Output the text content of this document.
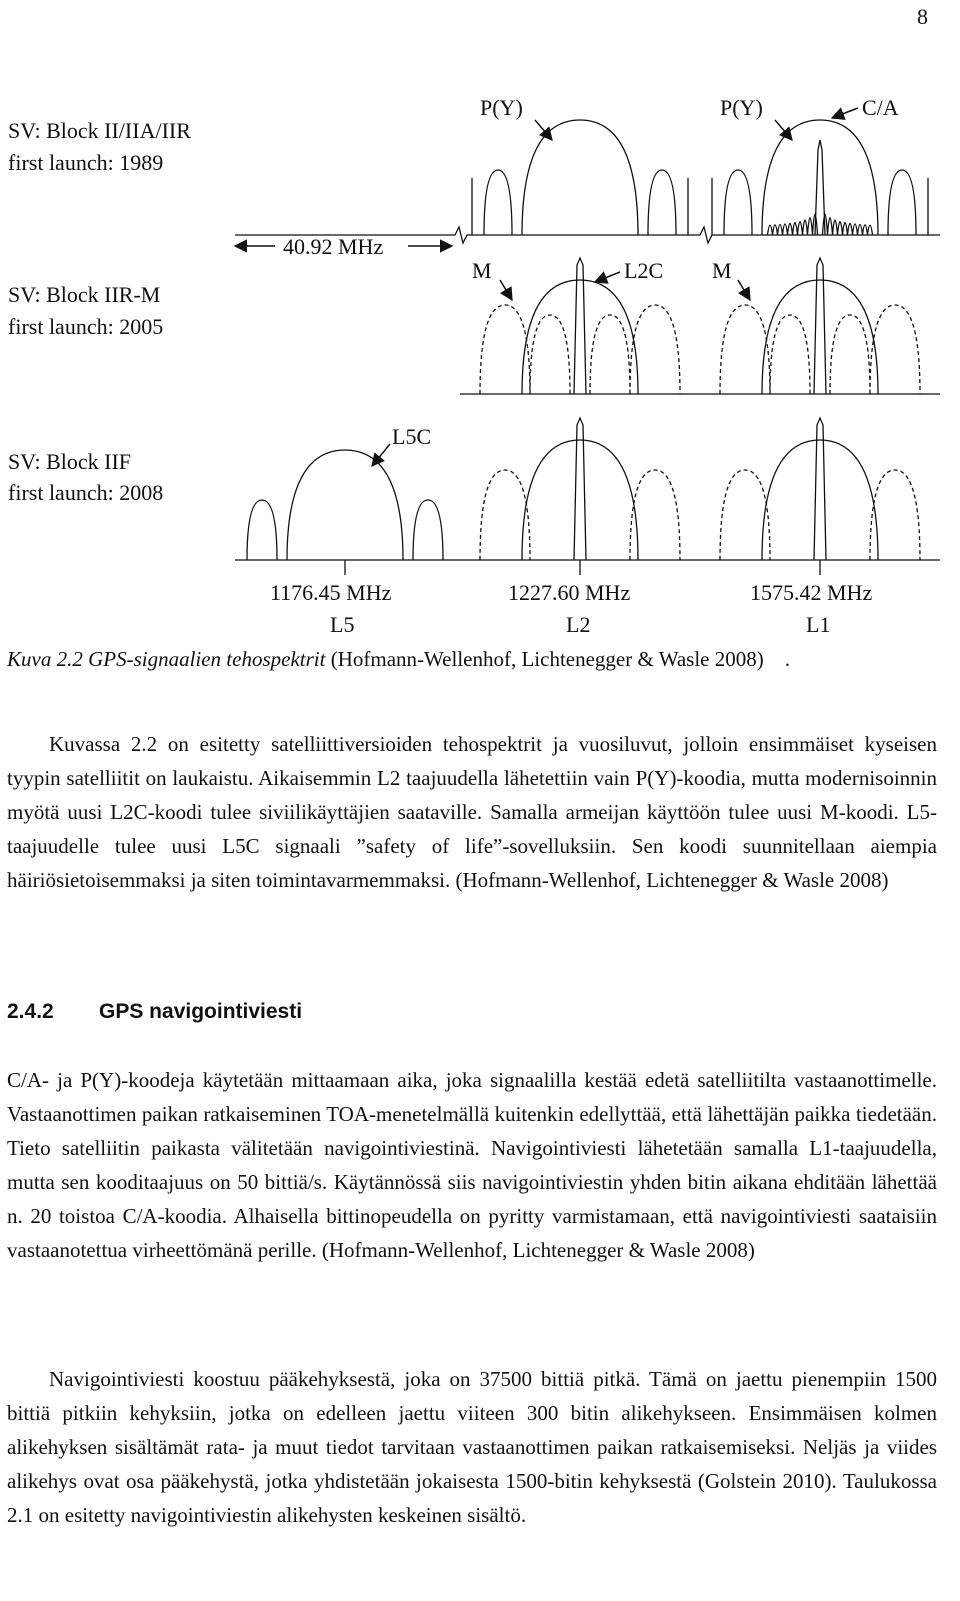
8
SV: Block II/IIA/IIR
first launch: 1989
SV: Block IIR-M
first launch: 2005
SV: Block IIF
first launch: 2008
40.92 MHz
P(Y)	P(Y)	C/A
M	L2C M
L5C
1176.45 MHz
L5
1227.60 MHz
L2
1575.42 MHz
L1
Kuva 2.2 GPS-signaalien tehospektrit (Hofmann-Wellenhof, Lichtenegger & Wasle 2008) .

  Kuvassa 2.2 on esitetty satelliittiversioiden tehospektrit ja vuosiluvut, jolloin ensimmäiset kyseisen tyypin satelliitit on laukaistu. Aikaisemmin L2 taajuudella lähetettiin vain P(Y)-koodia, mutta modernisoinnin myötä uusi L2C-koodi tulee siviilikäyttäjien saataville. Samalla armeijan käyttöön tulee uusi M-koodi. L5-taajuudelle tulee uusi L5C signaali ”safety of life”-sovelluksiin. Sen koodi suunnitellaan aiempia häiriösietoisemmaksi ja siten toimintavarmemmaksi. (Hofmann-Wellenhof, Lichtenegger & Wasle 2008)

2.4.2 GPS navigointiviesti

C/A- ja P(Y)-koodeja käytetään mittaamaan aika, joka signaalilla kestää edetä satelliitilta vastaanottimelle. Vastaanottimen paikan ratkaiseminen TOA-menetelmällä kuitenkin edellyttää, että lähettäjän paikka tiedetään. Tieto satelliitin paikasta välitetään navigointiviestinä. Navigointiviesti lähetetään samalla L1-taajuudella, mutta sen kooditaajuus on 50 bittiä/s. Käytännössä siis navigointiviestin yhden bitin aikana ehditään lähettää n. 20 toistoa C/A-koodia. Alhaisella bittinopeudella on pyritty varmistamaan, että navigointiviesti saataisiin vastaanotettua virheettömänä perille. (Hofmann-Wellenhof, Lichtenegger & Wasle 2008)

  Navigointiviesti koostuu pääkehyksestä, joka on 37500 bittiä pitkä. Tämä on jaettu pienempiin 1500 bittiä pitkiin kehyksiin, jotka on edelleen jaettu viiteen 300 bitin alikehykseen. Ensimmäisen kolmen alikehyksen sisältämät rata- ja muut tiedot tarvitaan vastaanottimen paikan ratkaisemiseksi. Neljäs ja viides alikehys ovat osa pääkehystä, jotka yhdistetään jokaisesta 1500-bitin kehyksestä (Golstein 2010). Taulukossa 2.1 on esitetty navigointiviestin alikehysten keskeinen sisältö.
